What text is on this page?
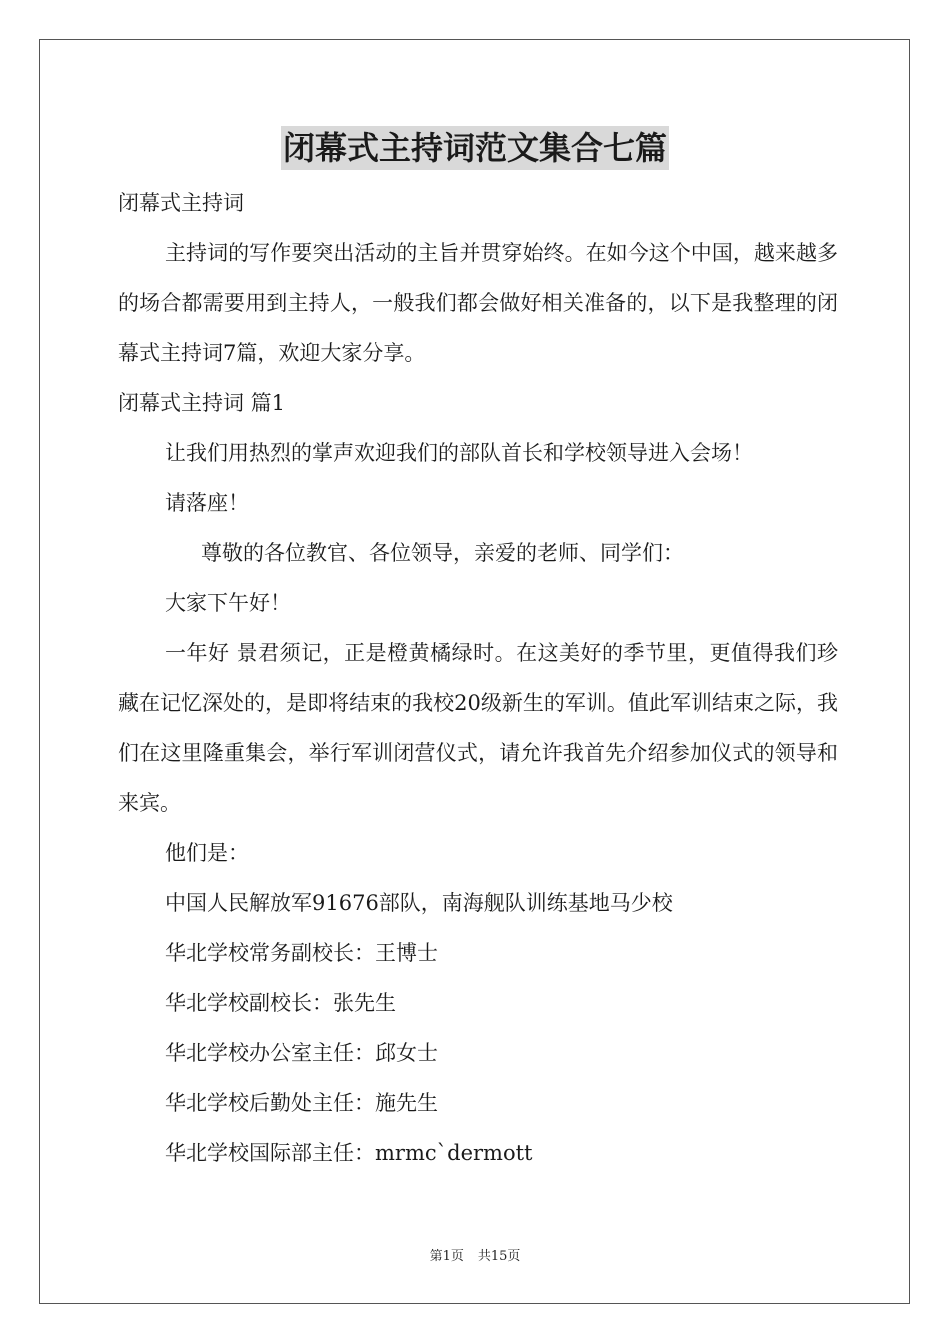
闭幕式主持词范文集合七篇

闭幕式主持词

主持词的写作要突出活动的主旨并贯穿始终。在如今这个中国，越来越多的场合都需要用到主持人，一般我们都会做好相关准备的，以下是我整理的闭幕式主持词7篇，欢迎大家分享。

闭幕式主持词 篇1

让我们用热烈的掌声欢迎我们的部队首长和学校领导进入会场！

请落座！

尊敬的各位教官、各位领导，亲爱的老师、同学们：

大家下午好！

一年好 景君须记，正是橙黄橘绿时。在这美好的季节里，更值得我们珍藏在记忆深处的，是即将结束的我校20级新生的军训。值此军训结束之际，我们在这里隆重集会，举行军训闭营仪式，请允许我首先介绍参加仪式的领导和来宾。

他们是：

中国人民解放军91676部队，南海舰队训练基地马少校

华北学校常务副校长：王博士

华北学校副校长：张先生

华北学校办公室主任：邱女士

华北学校后勤处主任：施先生

华北学校国际部主任：mrmc`dermott

第1页 共15页
